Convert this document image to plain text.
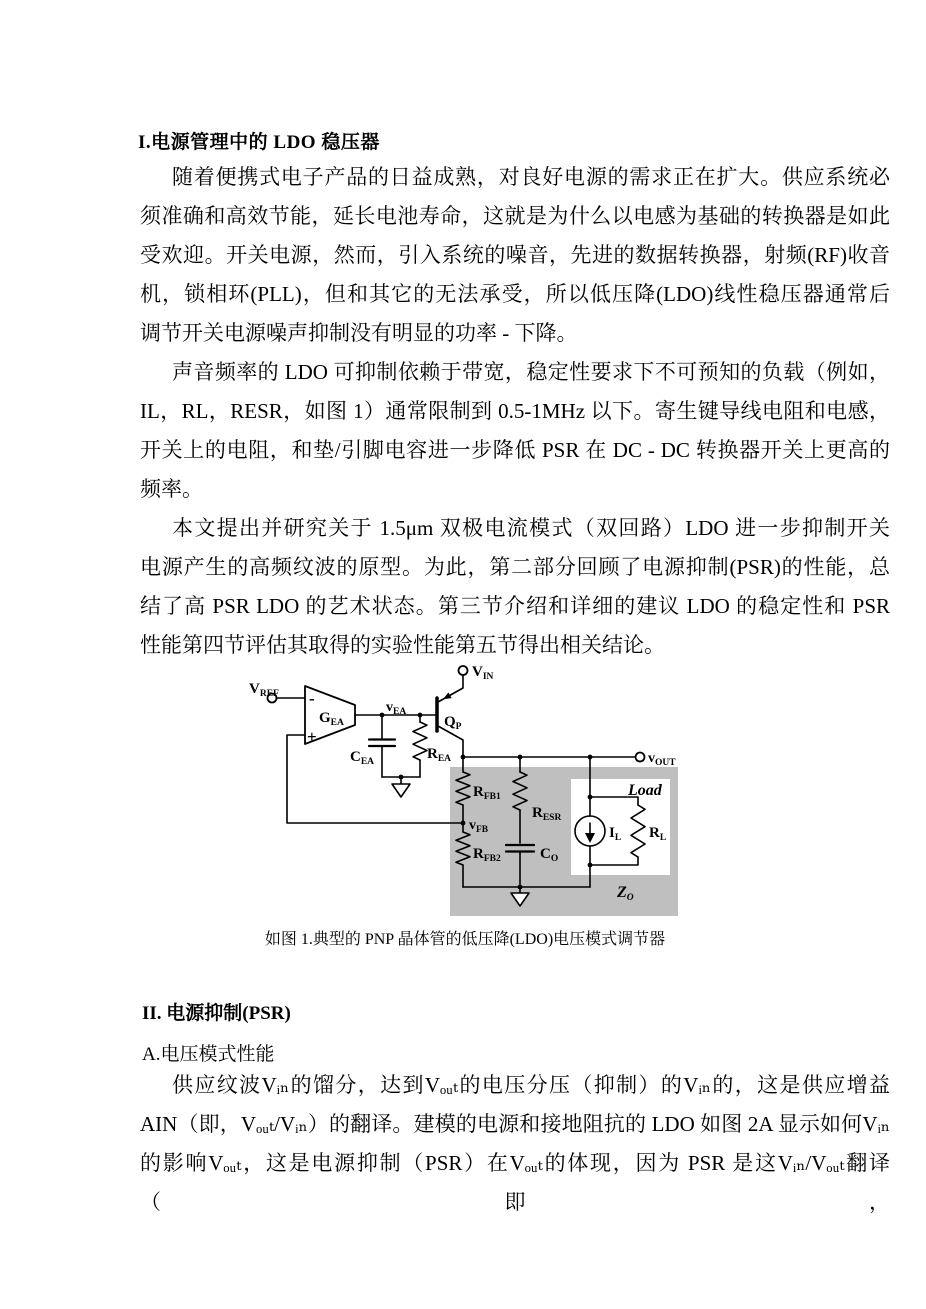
I.电源管理中的 LDO 稳压器
随着便携式电子产品的日益成熟，对良好电源的需求正在扩大。供应系统必
须准确和高效节能，延长电池寿命，这就是为什么以电感为基础的转换器是如此
受欢迎。开关电源，然而，引入系统的噪音，先进的数据转换器，射频(RF)收音
机，锁相环(PLL)，但和其它的无法承受，所以低压降(LDO)线性稳压器通常后
调节开关电源噪声抑制没有明显的功率 - 下降。
声音频率的 LDO 可抑制依赖于带宽，稳定性要求下不可预知的负载（例如，
IL，RL，RESR，如图 1）通常限制到 0.5-1MHz 以下。寄生键导线电阻和电感，
开关上的电阻，和垫/引脚电容进一步降低 PSR 在 DC - DC 转换器开关上更高的
频率。
本文提出并研究关于 1.5μm 双极电流模式（双回路）LDO 进一步抑制开关
电源产生的高频纹波的原型。为此，第二部分回顾了电源抑制(PSR)的性能，总
结了高 PSR LDO 的艺术状态。第三节介绍和详细的建议 LDO 的稳定性和 PSR
性能第四节评估其取得的实验性能第五节得出相关结论。
$V_{REF}$ -
+
$G_{EA}$
$v_{EA}$
$C_{EA}$	$R_{EA}$
$V_{IN}$
$Q_P$
$v_{OUT}$
$R_{FB1}$
$v_{FB}$
$R_{FB2}$
$R_{ESR}$
$C_O$
Load
$I_L$ $R_L$
ZO
如图 1.典型的 PNP 晶体管的低压降(LDO)电压模式调节器
II. 电源抑制(PSR)
A.电压模式性能
供应纹波Vᵢₙ的馏分，达到Vₒᵤₜ的电压分压（抑制）的Vᵢₙ的，这是供应增益
AIN（即，Vₒᵤₜ/Vᵢₙ）的翻译。建模的电源和接地阻抗的 LDO 如图 2A 显示如何Vᵢₙ
的影响Vₒᵤₜ，这是电源抑制（PSR）在Vₒᵤₜ的体现，因为 PSR 是这Vᵢₙ/Vₒᵤₜ翻译（即，
